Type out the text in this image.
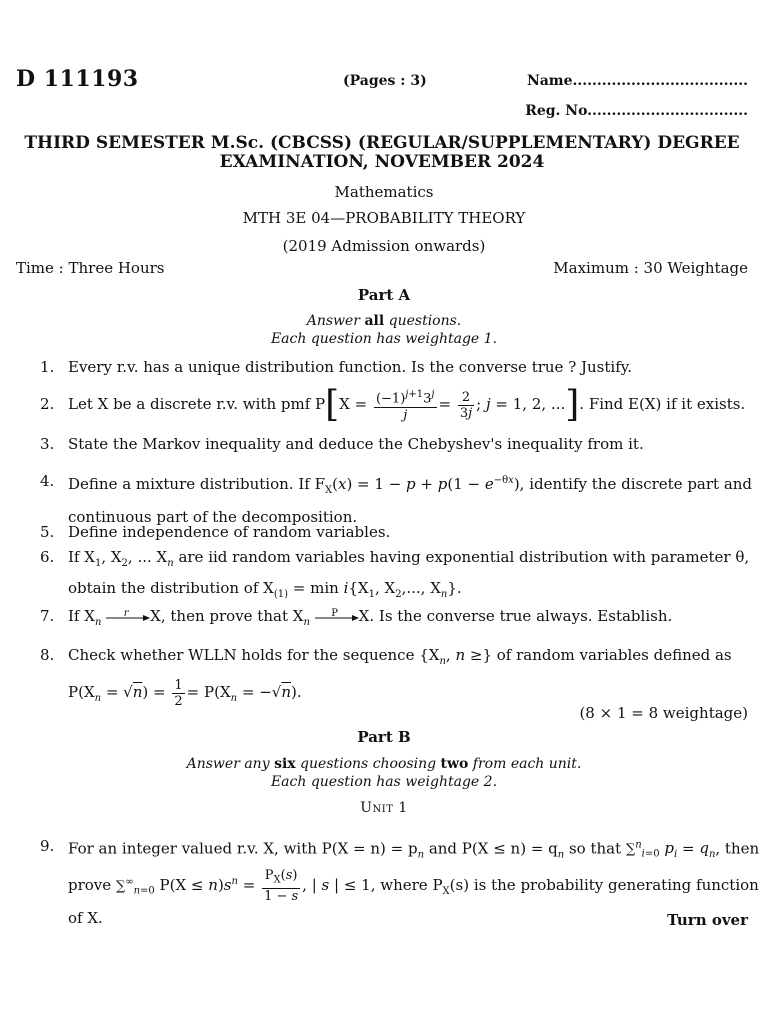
D 111193	(Pages : 3)	Name....................................
Reg. No.................................
THIRD SEMESTER M.Sc. (CBCSS) (REGULAR/SUPPLEMENTARY) DEGREE EXAMINATION, NOVEMBER 2024
Mathematics
MTH 3E 04—PROBABILITY THEORY
(2019 Admission onwards)
Time : Three Hours	Maximum : 30 Weightage
Part A
Answer all questions.
Each question has weightage 1.
1. Every r.v. has a unique distribution function. Is the converse true ? Justify.
2. Let X be a discrete r.v. with pmf $P[X = \frac{(-1)^{j+1}3^j}{j} = \frac{2}{3j}$ ; j = 1, 2, ...]. Find E(X) if it exists.
3. State the Markov inequality and deduce the Chebyshev's inequality from it.
4. Define a mixture distribution. If $F_X(x) = 1 - p + p(1 - e^{-\theta x})$, identify the discrete part and
continuous part of the decomposition.
5. Define independence of random variables.
6. If $X_1$, $X_2$, ... $X_n$ are iid random variables having exponential distribution with parameter θ,
obtain the distribution of $X_{(1)} = \min i\{X_1$, $X_2$,..., $X_n$}.
7. If $X_n$
r	X, then prove that $X_n$
P	X. Is the converse true always. Establish.
8. Check whether WLLN holds for the sequence {$X_n$, n ≥} of random variables defined as
$P(X_n = √n) = \frac{1}{2} = P(X_n = -√n)$.
(8 × 1 = 8 weightage)
Part B
Answer any six questions choosing two from each unit.
Each question has weightage 2.
Unit 1
9. For an integer valued r.v. X, with $P(X = n) = p_n$ and $P(X \le n) = q_n$ so that ∑$^n_{i=0}$ $p_i = q_n$, then
prove $\sum^\infty_{n=0}$ $P(X \le n)s^n = \frac{P_X(s)}{1 - s}$ , | s | ≤ 1, where $P_X(s)$ is the probability generating function
of X.	Turn over
